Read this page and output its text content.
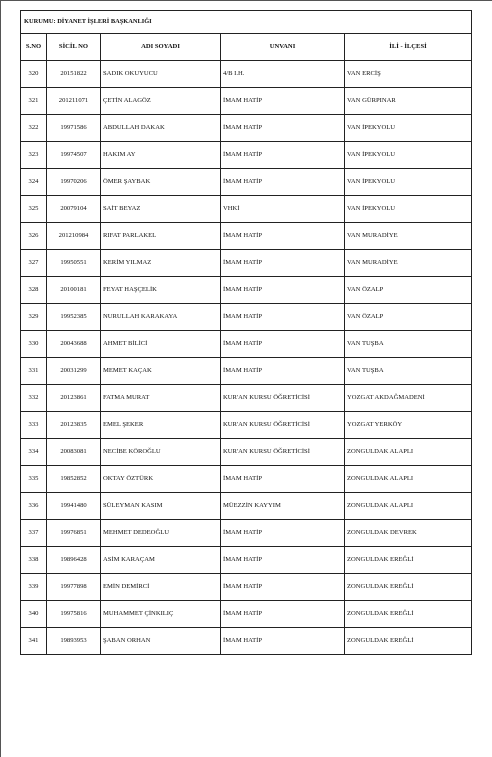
KURUMU: DİYANET İŞLERİ BAŞKANLIĞI				
S.NO	SİCİL NO	ADI SOYADI	UNVANI	İLİ - İLÇESİ
320	20151822	SADIK OKUYUCU	4/B I.H.	VAN ERCİŞ
321	201211071	ÇETİN ALAGÖZ	İMAM HATİP	VAN GÜRPINAR
322	19971586	ABDULLAH DAKAK	İMAM HATİP	VAN İPEKYOLU
323	19974507	HAKIM AY	İMAM HATİP	VAN İPEKYOLU
324	19970206	ÖMER ŞAYBAK	İMAM HATİP	VAN İPEKYOLU
325	20079104	SAİT BEYAZ	VHKİ	VAN İPEKYOLU
326	201210984	RIFAT PARLAKEL	İMAM HATİP	VAN MURADİYE
327	19950551	KERİM YILMAZ	İMAM HATİP	VAN MURADİYE
328	20100181	FEYAT HAŞÇELİK	İMAM HATİP	VAN ÖZALP
329	19952385	NURULLAH KARAKAYA	İMAM HATİP	VAN ÖZALP
330	20043688	AHMET BİLİCİ	İMAM HATİP	VAN TUŞBA
331	20031299	MEMET KAÇAK	İMAM HATİP	VAN TUŞBA
332	20123861	FATMA MURAT	KUR'AN KURSU ÖĞRETİCİSİ	YOZGAT AKDAĞMADENİ
333	20123835	EMEL ŞEKER	KUR'AN KURSU ÖĞRETİCİSİ	YOZGAT YERKÖY
334	20083081	NECİBE KÖROĞLU	KUR'AN KURSU ÖĞRETİCİSİ	ZONGULDAK ALAPLI
335	19852852	OKTAY ÖZTÜRK	İMAM HATİP	ZONGULDAK ALAPLI
336	19941480	SÜLEYMAN KASIM	MÜEZZİN KAYYIM	ZONGULDAK ALAPLI
337	19976851	MEHMET DEDEOĞLU	İMAM HATİP	ZONGULDAK DEVREK
338	19896428	ASİM KARAÇAM	İMAM HATİP	ZONGULDAK EREĞLİ
339	19977898	EMİN DEMİRCİ	İMAM HATİP	ZONGULDAK EREĞLİ
340	19975816	MUHAMMET ÇİNKILIÇ	İMAM HATİP	ZONGULDAK EREĞLİ
341	19893953	ŞABAN ORHAN	İMAM HATİP	ZONGULDAK EREĞLİ
